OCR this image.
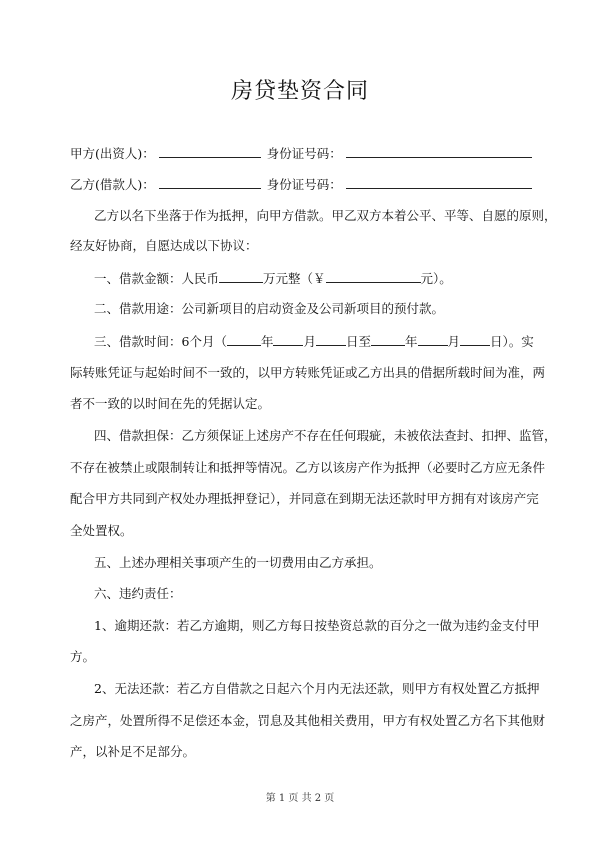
房贷垫资合同
甲方(出资人)：	身份证号码：
乙方(借款人)：	身份证号码：
乙方以名下坐落于作为抵押，向甲方借款。甲乙双方本着公平、平等、自愿的原则，
经友好协商，自愿达成以下协议：
一、借款金额：人民币	万元整（￥	元）。
二、借款用途：公司新项目的启动资金及公司新项目的预付款。
三、借款时间：6个月（	年 月 日至	年 月 日）。实
际转账凭证与起始时间不一致的，以甲方转账凭证或乙方出具的借据所载时间为准，两
者不一致的以时间在先的凭据认定。
四、借款担保：乙方须保证上述房产不存在任何瑕疵，未被依法查封、扣押、监管，
不存在被禁止或限制转让和抵押等情况。乙方以该房产作为抵押（必要时乙方应无条件
配合甲方共同到产权处办理抵押登记），并同意在到期无法还款时甲方拥有对该房产完
全处置权。
五、上述办理相关事项产生的一切费用由乙方承担。
六、违约责任：
1、逾期还款：若乙方逾期，则乙方每日按垫资总款的百分之一做为违约金支付甲
方。
2、无法还款：若乙方自借款之日起六个月内无法还款，则甲方有权处置乙方抵押
之房产，处置所得不足偿还本金，罚息及其他相关费用，甲方有权处置乙方名下其他财
产，以补足不足部分。
第 1 页 共 2 页
